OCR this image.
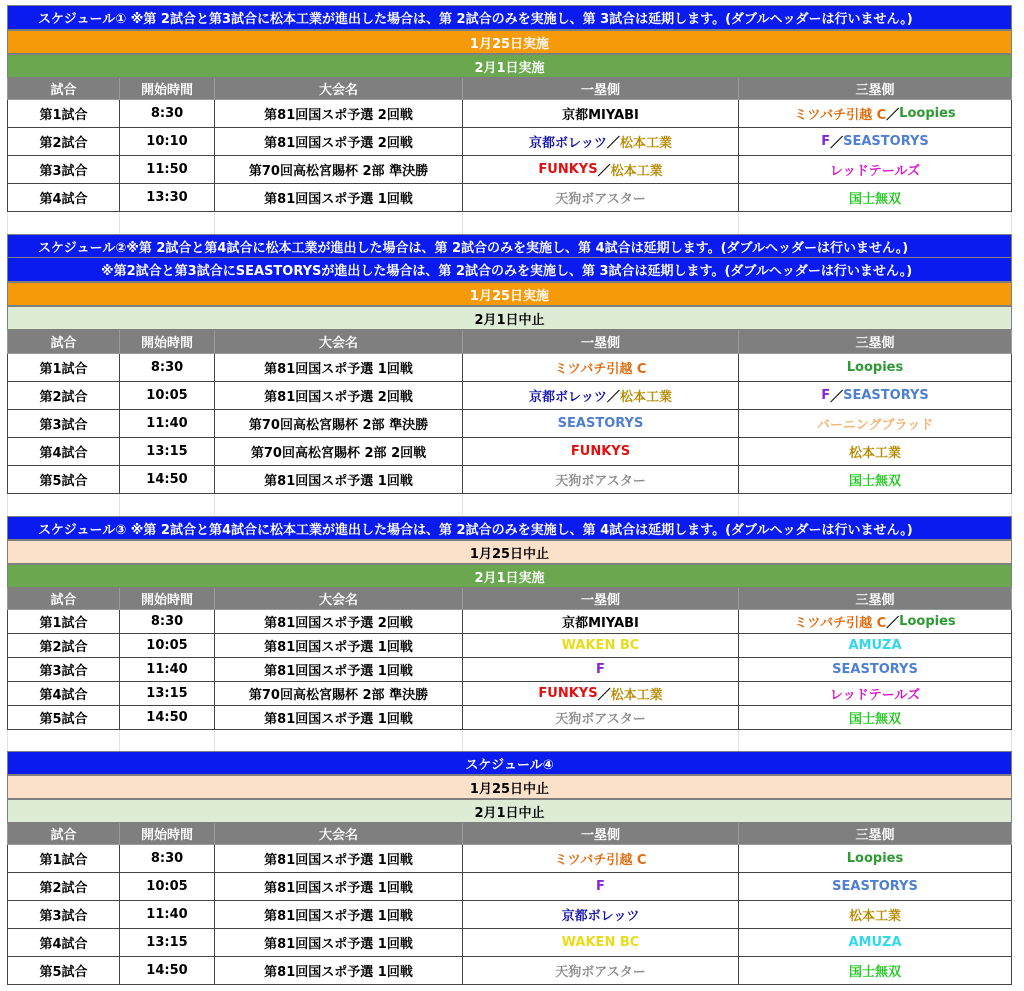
スケジュール① ※第 2試合と第3試合に松本工業が進出した場合は、第 2試合のみを実施し、第 3試合は延期します。(ダブルヘッダーは行いません。)
1月25日実施
2月1日実施
試合	開始時間	大会名	一塁側	三塁側
第1試合	8:30	第81回国スポ予選 2回戦	京都MIYABI	ミツバチ引越 C ／ Loopies
第2試合	10:10	第81回国スポ予選 2回戦	京都ボレッツ ／ 松本工業	F ／ SEASTORYS
第3試合	11:50	第70回高松宮賜杯 2部 準決勝	FUNKYS ／ 松本工業	レッドテールズ
第4試合	13:30	第81回国スポ予選 1回戦	天狗ボアスター	国士無双
スケジュール②※第 2試合と第4試合に松本工業が進出した場合は、第 2試合のみを実施し、第 4試合は延期します。(ダブルヘッダーは行いません。)
※第2試合と第3試合にSEASTORYSが進出した場合は、第 2試合のみを実施し、第 3試合は延期します。(ダブルヘッダーは行いません。)
1月25日実施
2月1日中止
試合	開始時間	大会名	一塁側	三塁側
第1試合	8:30	第81回国スポ予選 1回戦	ミツバチ引越 C	Loopies
第2試合	10:05	第81回国スポ予選 2回戦	京都ボレッツ ／ 松本工業	F ／ SEASTORYS
第3試合	11:40	第70回高松宮賜杯 2部 準決勝	SEASTORYS	バーニングブラッド
第4試合	13:15	第70回高松宮賜杯 2部 2回戦	FUNKYS	松本工業
第5試合	14:50	第81回国スポ予選 1回戦	天狗ボアスター	国士無双
スケジュール③ ※第 2試合と第4試合に松本工業が進出した場合は、第 2試合のみを実施し、第 4試合は延期します。(ダブルヘッダーは行いません。)
1月25日中止
2月1日実施
試合	開始時間	大会名	一塁側	三塁側
第1試合	8:30	第81回国スポ予選 2回戦	京都MIYABI	ミツバチ引越 C ／ Loopies
第2試合	10:05	第81回国スポ予選 1回戦	WAKEN BC	AMUZA
第3試合	11:40	第81回国スポ予選 1回戦	F	SEASTORYS
第4試合	13:15	第70回高松宮賜杯 2部 準決勝	FUNKYS ／ 松本工業	レッドテールズ
第5試合	14:50	第81回国スポ予選 1回戦	天狗ボアスター	国士無双
スケジュール④
1月25日中止
2月1日中止
試合	開始時間	大会名	一塁側	三塁側
第1試合	8:30	第81回国スポ予選 1回戦	ミツバチ引越 C	Loopies
第2試合	10:05	第81回国スポ予選 1回戦	F	SEASTORYS
第3試合	11:40	第81回国スポ予選 1回戦	京都ボレッツ	松本工業
第4試合	13:15	第81回国スポ予選 1回戦	WAKEN BC	AMUZA
第5試合	14:50	第81回国スポ予選 1回戦	天狗ボアスター	国士無双
